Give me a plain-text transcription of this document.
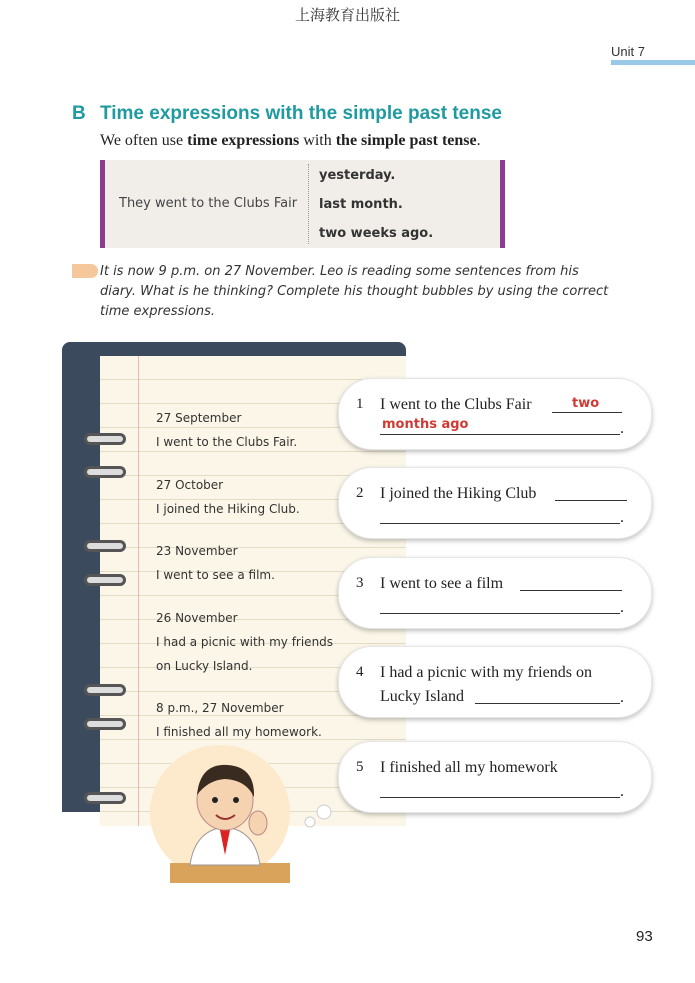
上海教育出版社
Unit 7
B Time expressions with the simple past tense
We often use time expressions with the simple past tense.
They went to the Clubs Fair
yesterday.
last month.
two weeks ago.
It is now 9 p.m. on 27 November. Leo is reading some sentences from his diary. What is he thinking? Complete his thought bubbles by using the correct time expressions.
27 September
I went to the Clubs Fair.
27 October
I joined the Hiking Club.
23 November
I went to see a film.
26 November
I had a picnic with my friends
on Lucky Island.
8 p.m., 27 November
I finished all my homework.
1 I went to the Clubs Fair	two
months ago	.
2 I joined the Hiking Club
.
3 I went to see a film
.
4 I had a picnic with my friends on
Lucky Island	.
5 I finished all my homework
.
93
